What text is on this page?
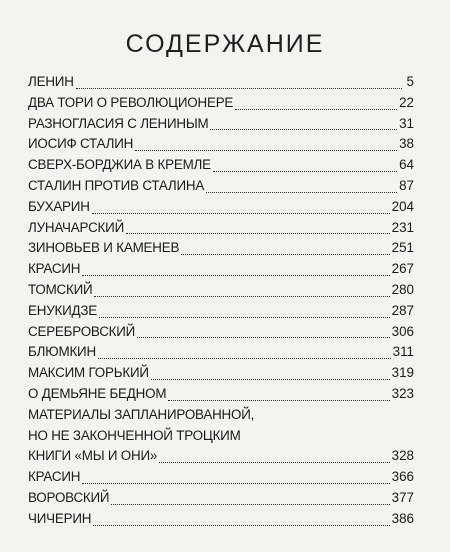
СОДЕРЖАНИЕ
ЛЕНИН	5
ДВА ТОРИ О РЕВОЛЮЦИОНЕРЕ	22
РАЗНОГЛАСИЯ С ЛЕНИНЫМ	31
ИОСИФ СТАЛИН	38
СВЕРХ-БОРДЖИА В КРЕМЛЕ	64
СТАЛИН ПРОТИВ СТАЛИНА	87
БУХАРИН	204
ЛУНАЧАРСКИЙ	231
ЗИНОВЬЕВ И КАМЕНЕВ	251
КРАСИН	267
ТОМСКИЙ	280
ЕНУКИДЗЕ	287
СЕРЕБРОВСКИЙ	306
БЛЮМКИН	311
МАКСИМ ГОРЬКИЙ	319
О ДЕМЬЯНЕ БЕДНОМ	323
МАТЕРИАЛЫ ЗАПЛАНИРОВАННОЙ,
НО НЕ ЗАКОНЧЕННОЙ ТРОЦКИМ
КНИГИ «МЫ И ОНИ»	328
КРАСИН	366
ВОРОВСКИЙ	377
ЧИЧЕРИН	386
